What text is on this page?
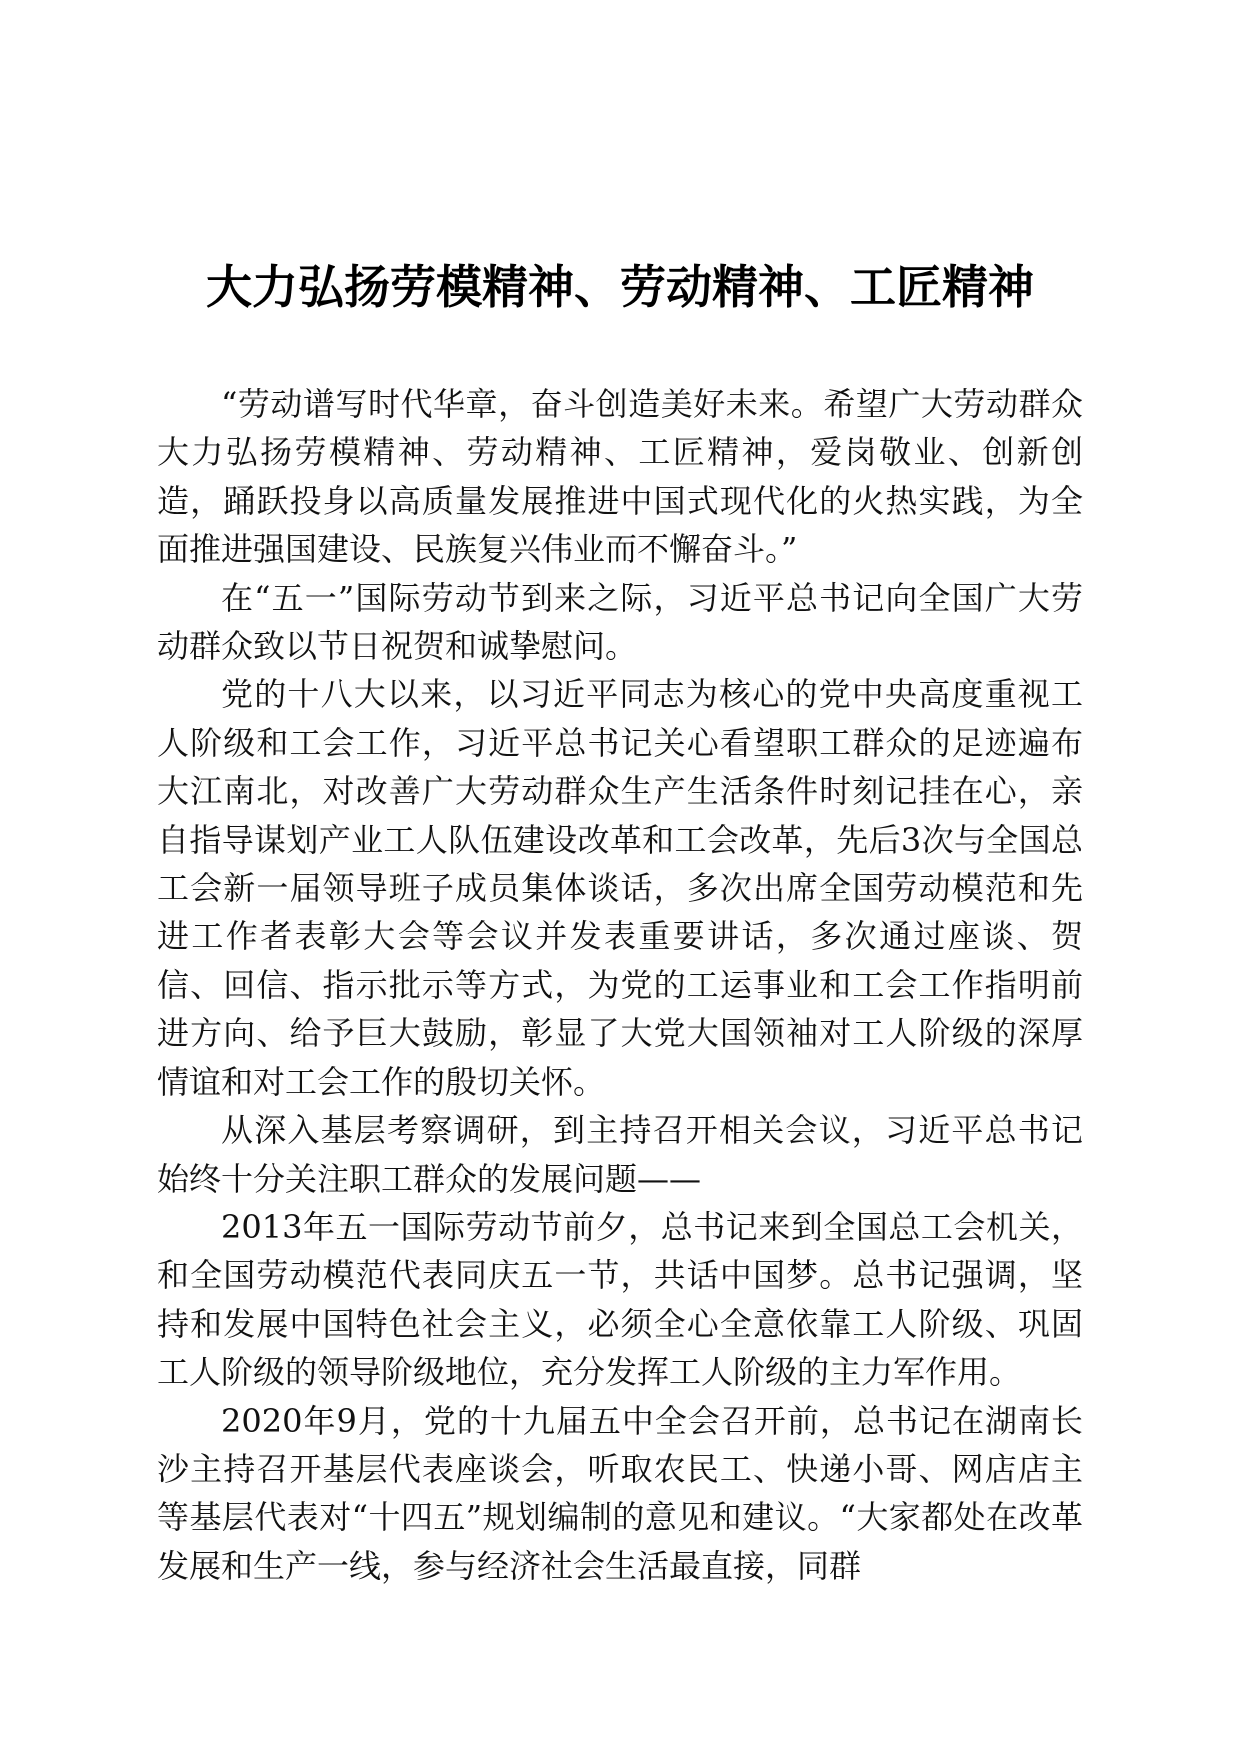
大力弘扬劳模精神、劳动精神、工匠精神

“劳动谱写时代华章，奋斗创造美好未来。希望广大劳动群众大力弘扬劳模精神、劳动精神、工匠精神，爱岗敬业、创新创造，踊跃投身以高质量发展推进中国式现代化的火热实践，为全面推进强国建设、民族复兴伟业而不懈奋斗。”

在“五一”国际劳动节到来之际，习近平总书记向全国广大劳动群众致以节日祝贺和诚挚慰问。

党的十八大以来，以习近平同志为核心的党中央高度重视工人阶级和工会工作，习近平总书记关心看望职工群众的足迹遍布大江南北，对改善广大劳动群众生产生活条件时刻记挂在心，亲自指导谋划产业工人队伍建设改革和工会改革，先后3次与全国总工会新一届领导班子成员集体谈话，多次出席全国劳动模范和先进工作者表彰大会等会议并发表重要讲话，多次通过座谈、贺信、回信、指示批示等方式，为党的工运事业和工会工作指明前进方向、给予巨大鼓励，彰显了大党大国领袖对工人阶级的深厚情谊和对工会工作的殷切关怀。

从深入基层考察调研，到主持召开相关会议，习近平总书记始终十分关注职工群众的发展问题——

2013年五一国际劳动节前夕，总书记来到全国总工会机关，和全国劳动模范代表同庆五一节，共话中国梦。总书记强调，坚持和发展中国特色社会主义，必须全心全意依靠工人阶级、巩固工人阶级的领导阶级地位，充分发挥工人阶级的主力军作用。

2020年9月，党的十九届五中全会召开前，总书记在湖南长沙主持召开基层代表座谈会，听取农民工、快递小哥、网店店主等基层代表对“十四五”规划编制的意见和建议。“大家都处在改革发展和生产一线，参与经济社会生活最直接，同群
